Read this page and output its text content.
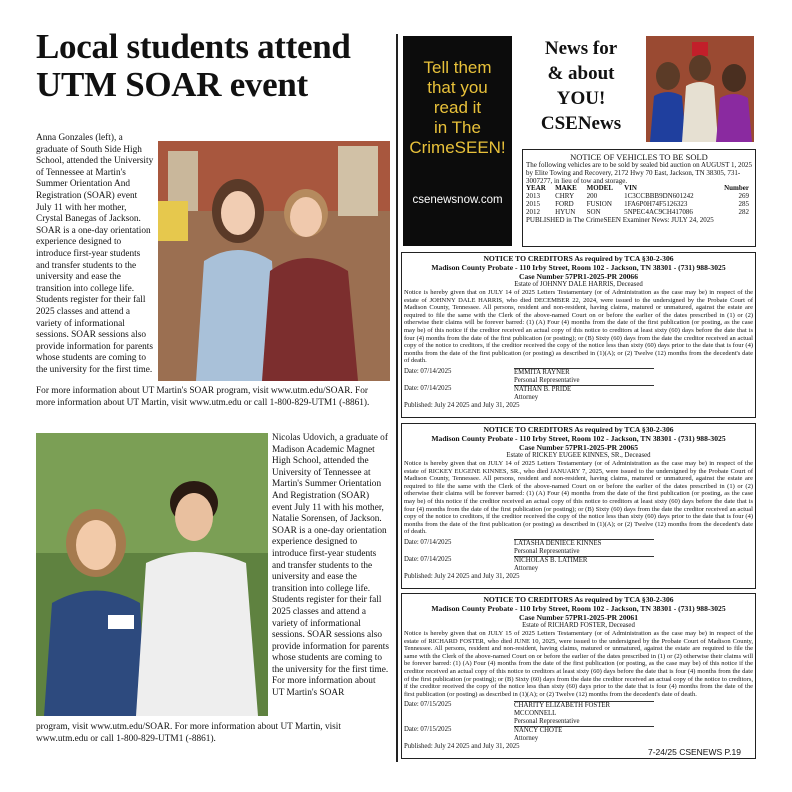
Local students attend UTM SOAR event
Anna Gonzales (left), a graduate of South Side High School, attended the University of Tennessee at Martin's Summer Orientation And Registration (SOAR) event July 11 with her mother, Crystal Banegas of Jackson. SOAR is a one-day orientation experience designed to introduce first-year students and transfer students to the university and ease the transition into college life. Students register for their fall 2025 classes and attend a variety of informational sessions. SOAR sessions also provide information for parents whose students are coming to the university for the first time.
For more information about UT Martin's SOAR program, visit www.utm.edu/SOAR. For more information about UT Martin, visit www.utm.edu or call 1-800-829-UTM1 (-8861).
Nicolas Udovich, a graduate of Madison Academic Magnet High School, attended the University of Tennessee at Martin's Summer Orientation And Registration (SOAR) event July 11 with his mother, Natalie Sorensen, of Jackson. SOAR is a one-day orientation experience designed to introduce first-year students and transfer students to the university and ease the transition into college life. Students register for their fall 2025 classes and attend a variety of informational sessions. SOAR sessions also provide information for parents whose students are coming to the university for the first time. For more information about UT Martin's SOAR
program, visit www.utm.edu/SOAR. For more information about UT Martin, visit www.utm.edu or call 1-800-829-UTM1 (-8861).
Tell them
that you
read it
in The
CrimeSEEN!
csenewsnow.com
News for
& about
YOU!
CSENews
NOTICE OF VEHICLES TO BE SOLD
The following vehicles are to be sold by sealed bid auction on AUGUST 1, 2025 by Elite Towing and Recovery, 2172 Hwy 70 East, Jackson, TN 38305, 731-3007277, in lieu of tow and storage.
YEAR	MAKE	MODEL	VIN	Number
2013	CHRY	200	1C3CCBBB9DN601242	269
2015	FORD	FUSION	1FA6P0H74F5126323	285
2012	HYUN	SON	5NPEC4AC9CH417086	282
PUBLISHED in The CrimeSEEN Examiner News: JULY 24, 2025
NOTICE TO CREDITORS As required by TCA §30-2-306
Madison County Probate - 110 Irby Street, Room 102 - Jackson, TN 38301 - (731) 988-3025
Case Number 57PR1-2025-PR 20066
Estate of JOHNNY DALE HARRIS, Deceased
Notice is hereby given that on JULY 14 of 2025 Letters Testamentary (or of Administration as the case may be) in respect of the estate of JOHNNY DALE HARRIS, who died DECEMBER 22, 2024, were issued to the undersigned by the Probate Court of Madison County, Tennessee. All persons, resident and non-resident, having claims, matured or unmatured, against the estate are required to file the same with the Clerk of the above-named Court on or before the earlier of the dates prescribed in (1) or (2) otherwise their claims will be forever barred: (1) (A) Four (4) months from the date of the first publication (or posting, as the case may be) of this notice if the creditor received an actual copy of this notice to creditors at least sixty (60) days before the date that is four (4) months from the date of the first publication (or posting); or (B) Sixty (60) days from the date the creditor received an actual copy of the notice to creditors, if the creditor received the copy of the notice less than sixty (60) days prior to the date that is four (4) months from the date of the first publication (or posting) as described in (1)(A); or (2) Twelve (12) months from the decedent's date of death.
Date: 07/14/2025	EMMITA RAYNER
Personal Representative
Date: 07/14/2025	NATHAN B. PRIDE
Attorney
Published: July 24 2025 and July 31, 2025
NOTICE TO CREDITORS As required by TCA §30-2-306
Madison County Probate - 110 Irby Street, Room 102 - Jackson, TN 38301 - (731) 988-3025
Case Number 57PR1-2025-PR 20065
Estate of RICKEY EUGEE KINNES, SR., Deceased
Notice is hereby given that on JULY 14 of 2025 Letters Testamentary (or of Administration as the case may be) in respect of the estate of RICKEY EUGENE KINNES, SR., who died JANUARY 7, 2025, were issued to the undersigned by the Probate Court of Madison County, Tennessee. All persons, resident and non-resident, having claims, matured or unmatured, against the estate are required to file the same with the Clerk of the above-named Court on or before the earlier of the dates prescribed in (1) or (2) otherwise their claims will be forever barred: (1) (A) Four (4) months from the date of the first publication (or posting, as the case may be) of this notice if the creditor received an actual copy of this notice to creditors at least sixty (60) days before the date that is four (4) months from the date of the first publication (or posting); or (B) Sixty (60) days from the date the creditor received an actual copy of the notice to creditors, if the creditor received the copy of the notice less than sixty (60) days prior to the date that is four (4) months from the date of the first publication (or posting) as described in (1)(A); or (2) Twelve (12) months from the decedent's date of death.
Date: 07/14/2025	LATASHA DENIECE KINNES
Personal Representative
Date: 07/14/2025	NICHOLAS B. LATIMER
Attorney
Published: July 24 2025 and July 31, 2025
NOTICE TO CREDITORS As required by TCA §30-2-306
Madison County Probate - 110 Irby Street, Room 102 - Jackson, TN 38301 - (731) 988-3025
Case Number 57PR1-2025-PR 20061
Estate of RICHARD FOSTER, Deceased
Notice is hereby given that on JULY 15 of 2025 Letters Testamentary (or of Administration as the case may be) in respect of the estate of RICHARD FOSTER, who died JUNE 10, 2025, were issued to the undersigned by the Probate Court of Madison County, Tennessee. All persons, resident and non-resident, having claims, matured or unmatured, against the estate are required to file the same with the Clerk of the above-named Court on or before the earlier of the dates prescribed in (1) or (2) otherwise their claims will be forever barred: (1) (A) Four (4) months from the date of the first publication (or posting, as the case may be) of this notice if the creditor received an actual copy of this notice to creditors at least sixty (60) days before the date that is four (4) months from the date of the first publication (or posting); or (B) Sixty (60) days from the date the creditor received an actual copy of the notice to creditors, if the creditor received the copy of the notice less than sixty (60) days prior to the date that is four (4) months from the date of the first publication (or posting) as described in (1)(A); or (2) Twelve (12) months from the decedent's date of death.
Date: 07/15/2025	CHARITY ELIZABETH FOSTER MCCONNELL
Personal Representative
Date: 07/15/2025	NANCY CHOTE
Attorney
Published: July 24 2025 and July 31, 2025
7-24/25 CSENEWS P.19
